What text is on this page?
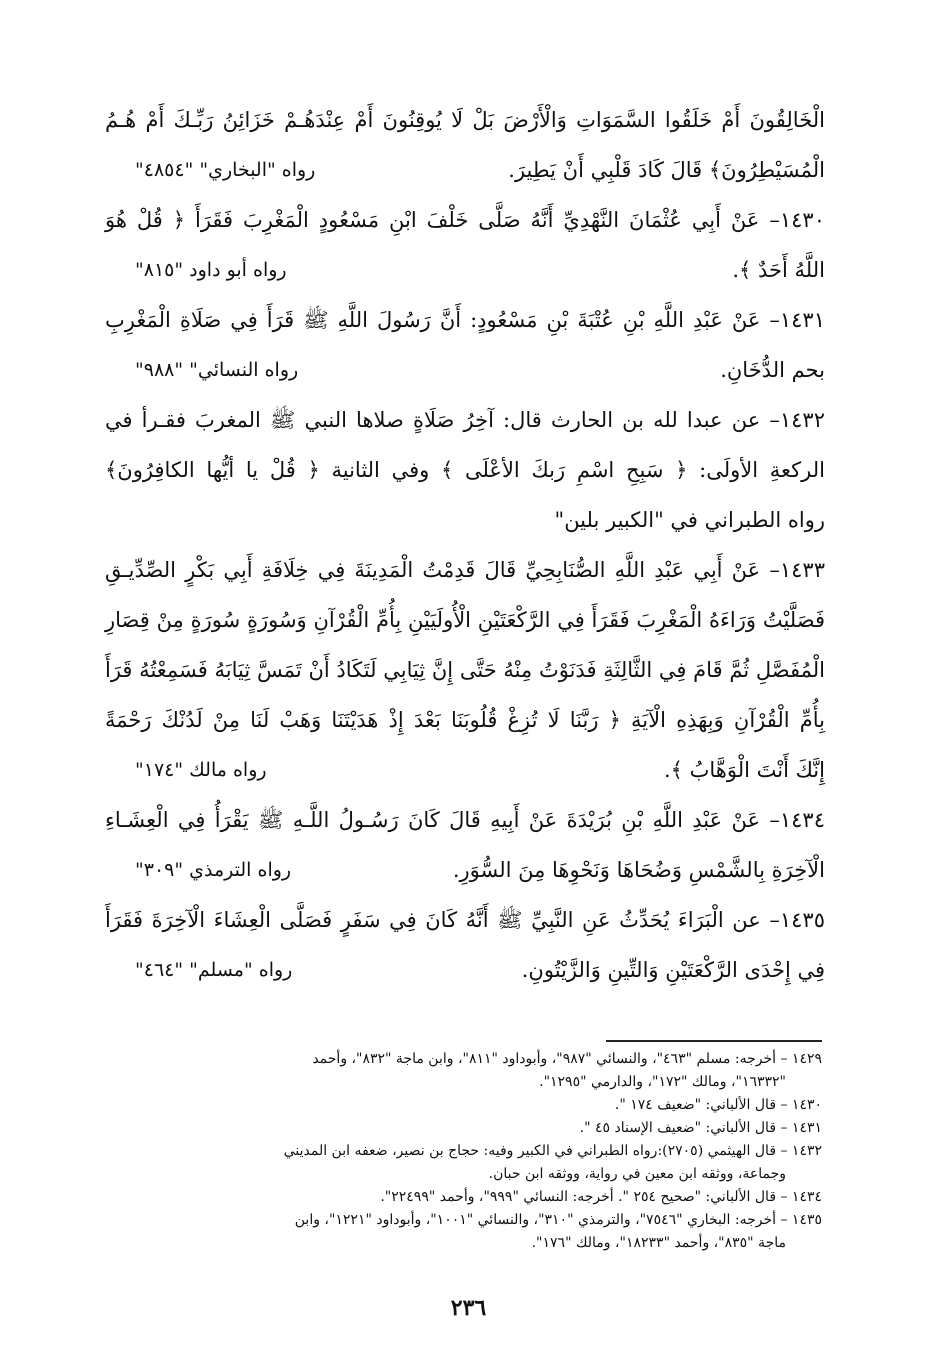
الْخَالِقُونَ أَمْ خَلَقُوا السَّمَوَاتِ وَالْأَرْضَ بَلْ لَا يُوقِنُونَ أَمْ عِنْدَهُـمْ خَزَائِنُ رَبِّـكَ أَمْ هُـمُ
الْمُسَيْطِرُونَ﴾ قَالَ كَادَ قَلْبِي أَنْ يَطِيرَ.
رواه "البخاري" "٤٨٥٤"
١٤٣٠– عَنْ أَبِي عُثْمَانَ النَّهْدِيِّ أَنَّهُ صَلَّى خَلْفَ ابْنِ مَسْعُودٍ الْمَغْرِبَ فَقَرَأَ ﴿ قُلْ هُوَ
اللَّهُ أَحَدٌ ﴾.
رواه أبو داود "٨١٥"
١٤٣١– عَنْ عَبْدِ اللَّهِ بْنِ عُتْبَةَ بْنِ مَسْعُودٍ: أَنَّ رَسُولَ اللَّهِ ﷺ قَرَأَ فِي صَلَاةِ الْمَغْرِبِ
بحم الدُّخَانِ.
رواه النسائي" "٩٨٨"
١٤٣٢– عن عبدا لله بن الحارث قال: آخِرُ صَلَاةٍ صلاها النبي ﷺ المغربَ فقـرأ في
الركعةِ الأولَى: ﴿ سَبِحِ اسْمِ رَبكَ الأعْلَى ﴾ وفي الثانية ﴿ قُلْ يا أيُّها الكافِرُونَ﴾
رواه الطبراني في "الكبير بلين"
١٤٣٣– عَنْ أَبِي عَبْدِ اللَّهِ الصُّنَابِحِيِّ قَالَ قَدِمْتُ الْمَدِينَةَ فِي خِلَافَةِ أَبِي بَكْرٍ الصِّدِّيـقِ
فَصَلَّيْتُ وَرَاءَهُ الْمَغْرِبَ فَقَرَأَ فِي الرَّكْعَتَيْنِ الْأُولَيَيْنِ بِأُمِّ الْقُرْآنِ وَسُورَةٍ سُورَةٍ مِنْ قِصَارِ
الْمُفَصَّلِ ثُمَّ قَامَ فِي الثَّالِثَةِ فَدَنَوْتُ مِنْهُ حَتَّى إِنَّ ثِيَابِي لَتَكَادُ أَنْ تَمَسَّ ثِيَابَهُ فَسَمِعْتُهُ قَرَأَ
بِأُمِّ الْقُرْآنِ وَبِهَذِهِ الْآيَةِ ﴿ رَبَّنَا لَا تُزِغْ قُلُوبَنَا بَعْدَ إِذْ هَدَيْتَنَا وَهَبْ لَنَا مِنْ لَدُنْكَ رَحْمَةً
إِنَّكَ أَنْتَ الْوَهَّابُ ﴾.
رواه مالك "١٧٤"
١٤٣٤– عَنْ عَبْدِ اللَّهِ بْنِ بُرَيْدَةَ عَنْ أَبِيهِ قَالَ كَانَ رَسُـولُ اللَّـهِ ﷺ يَقْرَأُ فِي الْعِشَـاءِ
الْآخِرَةِ بِالشَّمْسِ وَضُحَاهَا وَنَحْوِهَا مِنَ السُّوَرِ.
رواه الترمذي "٣٠٩"
١٤٣٥– عن الْبَرَاءَ يُحَدِّثُ عَنِ النَّبِيِّ ﷺ أَنَّهُ كَانَ فِي سَفَرٍ فَصَلَّى الْعِشَاءَ الْآخِرَةَ فَقَرَأَ
فِي إِحْدَى الرَّكْعَتَيْنِ وَالتِّينِ وَالزَّيْتُونِ.
رواه "مسلم" "٤٦٤"
١٤٢٩ – أخرجه: مسلم "٤٦٣"، والنسائي "٩٨٧"، وأبوداود "٨١١"، وابن ماجة "٨٣٢"، وأحمد
"١٦٣٣٢"، ومالك "١٧٢"، والدارمي "١٢٩٥".
١٤٣٠ – قال الألباني: "ضعيف ١٧٤ ".
١٤٣١ – قال الألباني: "ضعيف الإسناد ٤٥ ".
١٤٣٢ – قال الهيثمي (٢٧٠٥):رواه الطبراني في الكبير وفيه: حجاج بن نصير، ضعفه ابن المديني
وجماعة، ووثقه ابن معين في رواية، ووثقه ابن حبان.
١٤٣٤ – قال الألباني: "صحيح ٢٥٤ ". أخرجه: النسائي "٩٩٩"، وأحمد "٢٢٤٩٩".
١٤٣٥ – أخرجه: البخاري "٧٥٤٦"، والترمذي "٣١٠"، والنسائي "١٠٠١"، وأبوداود "١٢٢١"، وابن
ماجة "٨٣٥"، وأحمد "١٨٢٣٣"، ومالك "١٧٦".
٢٣٦
